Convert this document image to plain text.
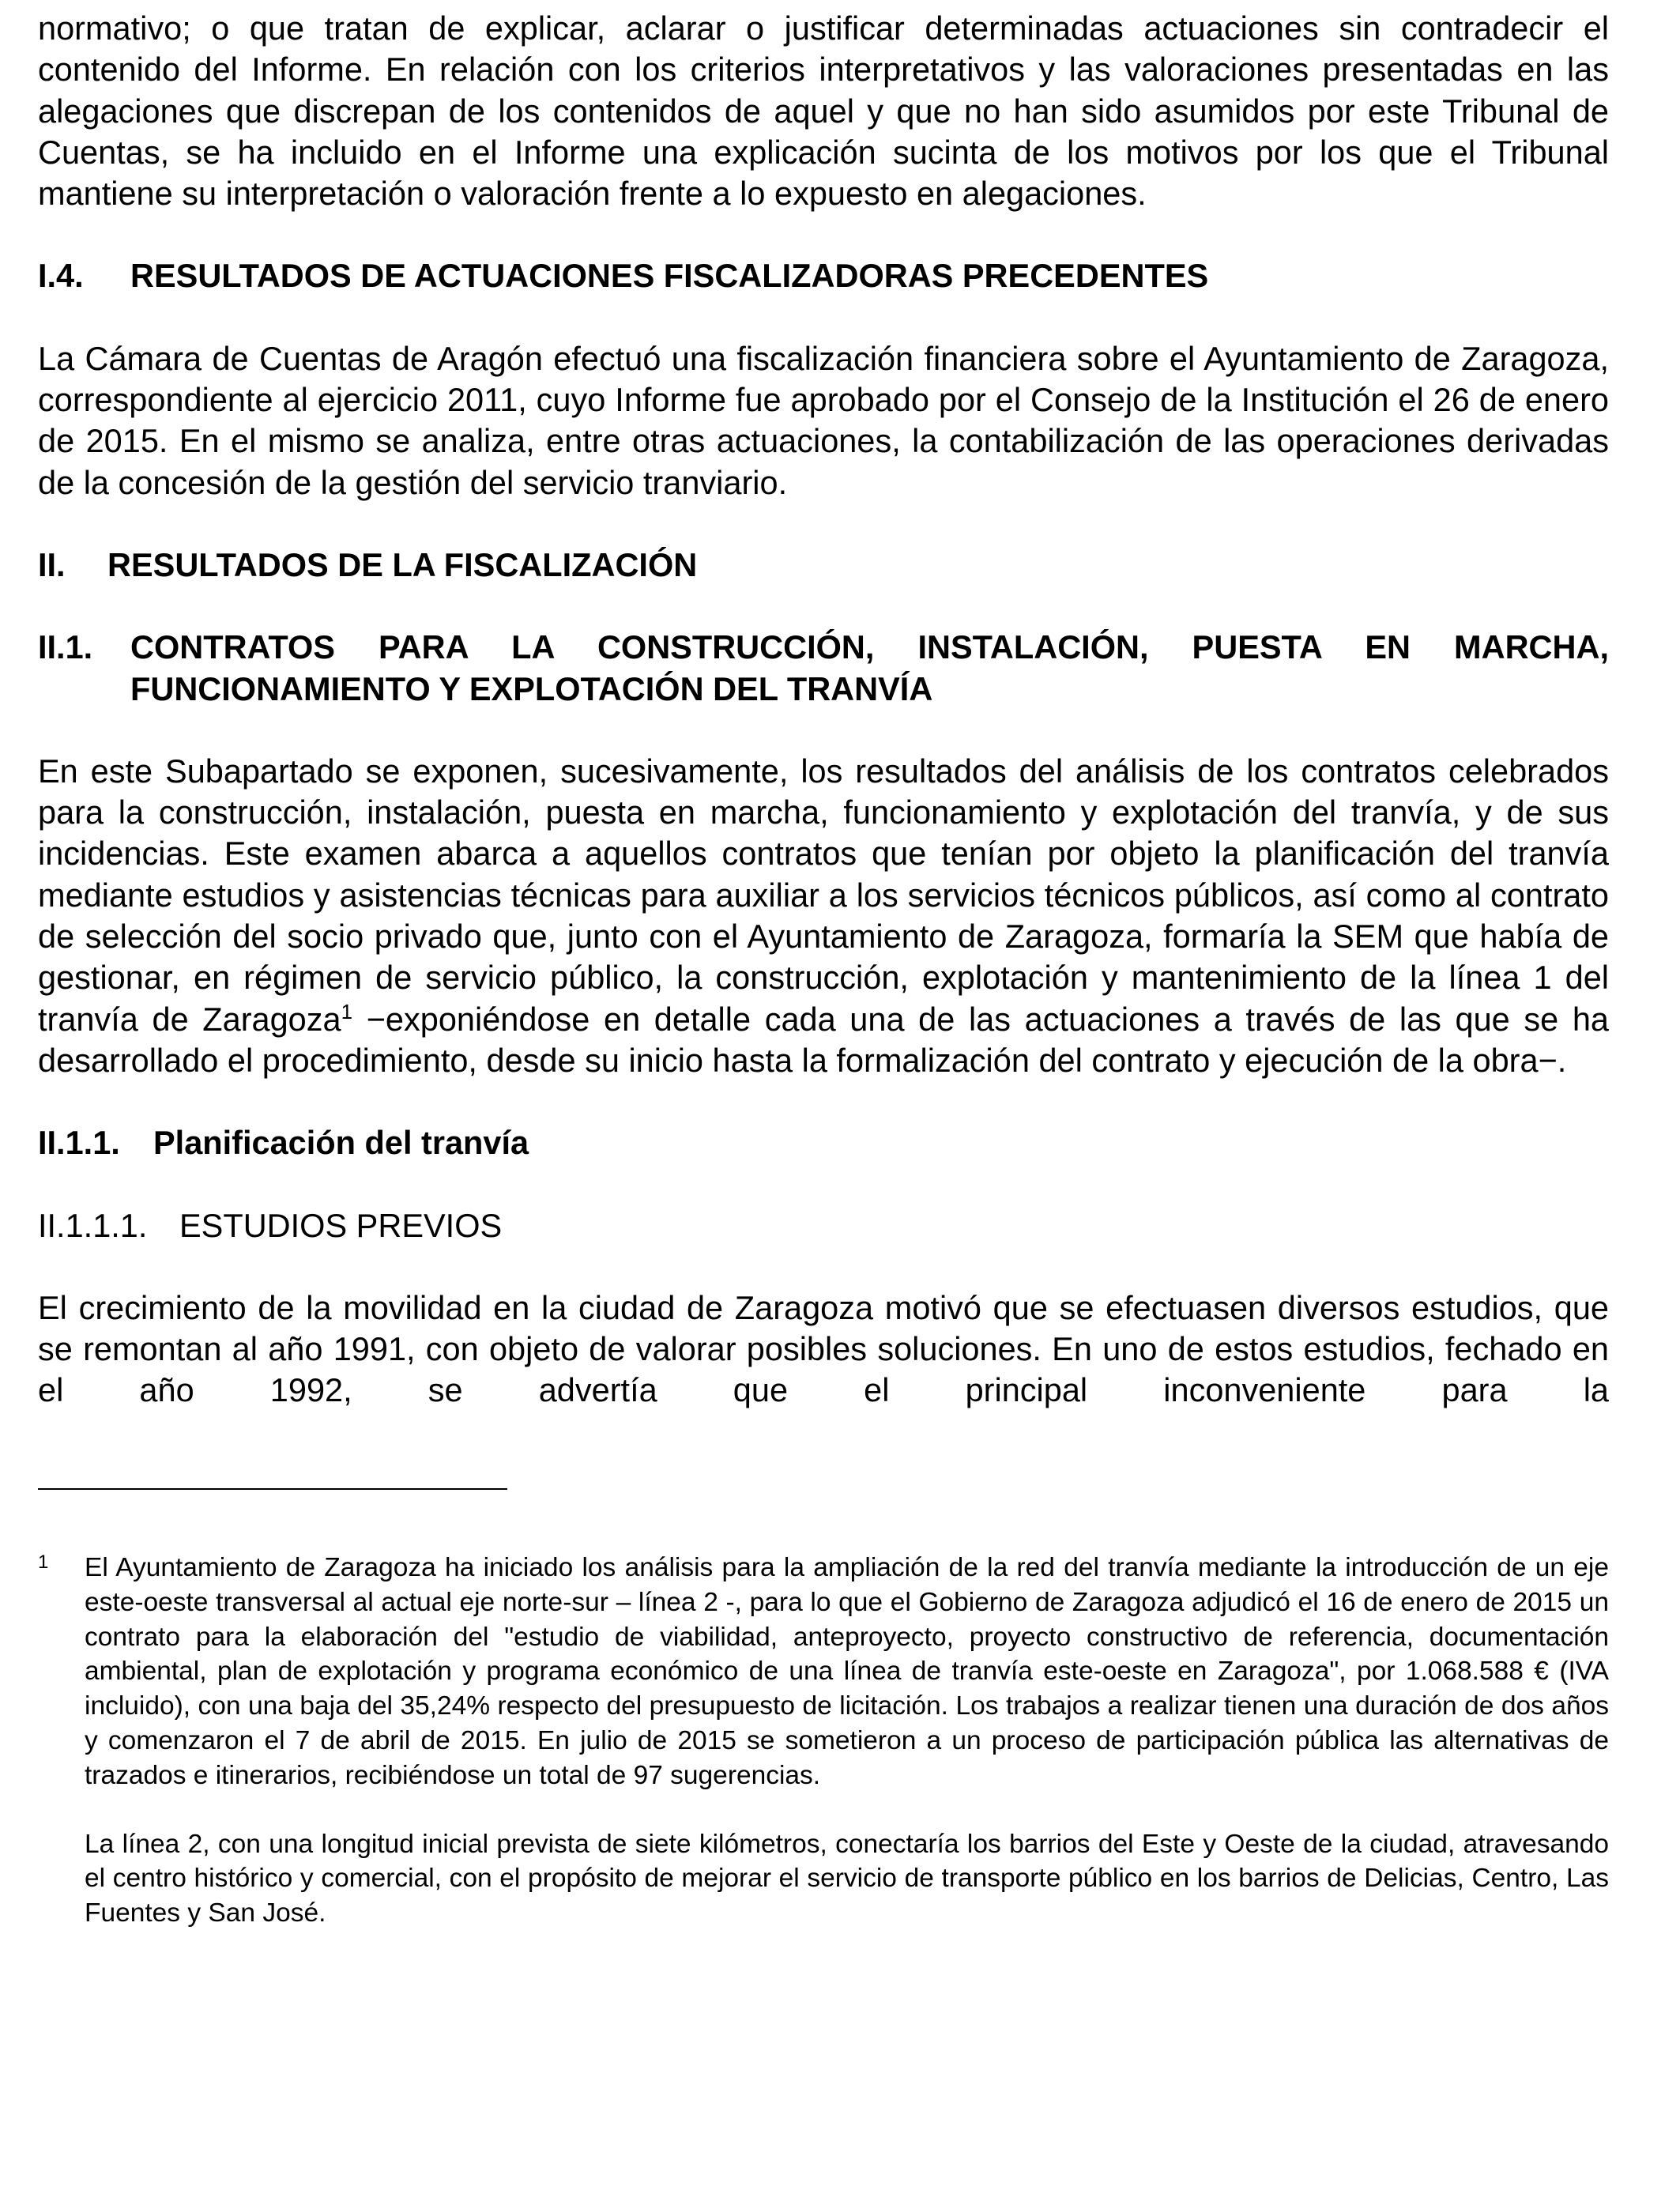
normativo; o que tratan de explicar, aclarar o justificar determinadas actuaciones sin contradecir el contenido del Informe. En relación con los criterios interpretativos y las valoraciones presentadas en las alegaciones que discrepan de los contenidos de aquel y que no han sido asumidos por este Tribunal de Cuentas, se ha incluido en el Informe una explicación sucinta de los motivos por los que el Tribunal mantiene su interpretación o valoración frente a lo expuesto en alegaciones.

I.4.	RESULTADOS DE ACTUACIONES FISCALIZADORAS PRECEDENTES

La Cámara de Cuentas de Aragón efectuó una fiscalización financiera sobre el Ayuntamiento de Zaragoza, correspondiente al ejercicio 2011, cuyo Informe fue aprobado por el Consejo de la Institución el 26 de enero de 2015. En el mismo se analiza, entre otras actuaciones, la contabilización de las operaciones derivadas de la concesión de la gestión del servicio tranviario.

II.	RESULTADOS DE LA FISCALIZACIÓN
II.1.	CONTRATOS PARA LA CONSTRUCCIÓN, INSTALACIÓN, PUESTA EN MARCHA, FUNCIONAMIENTO Y EXPLOTACIÓN DEL TRANVÍA

En este Subapartado se exponen, sucesivamente, los resultados del análisis de los contratos celebrados para la construcción, instalación, puesta en marcha, funcionamiento y explotación del tranvía, y de sus incidencias. Este examen abarca a aquellos contratos que tenían por objeto la planificación del tranvía mediante estudios y asistencias técnicas para auxiliar a los servicios técnicos públicos, así como al contrato de selección del socio privado que, junto con el Ayuntamiento de Zaragoza, formaría la SEM que había de gestionar, en régimen de servicio público, la construcción, explotación y mantenimiento de la línea 1 del tranvía de Zaragoza$^1$ −exponiéndose en detalle cada una de las actuaciones a través de las que se ha desarrollado el procedimiento, desde su inicio hasta la formalización del contrato y ejecución de la obra−.

II.1.1.	Planificación del tranvía
II.1.1.1. ESTUDIOS PREVIOS

El crecimiento de la movilidad en la ciudad de Zaragoza motivó que se efectuasen diversos estudios, que se remontan al año 1991, con objeto de valorar posibles soluciones. En uno de estos estudios, fechado en el año 1992, se advertía que el principal inconveniente para la

1	El Ayuntamiento de Zaragoza ha iniciado los análisis para la ampliación de la red del tranvía mediante la introducción de un eje este-oeste transversal al actual eje norte-sur – línea 2 -, para lo que el Gobierno de Zaragoza adjudicó el 16 de enero de 2015 un contrato para la elaboración del "estudio de viabilidad, anteproyecto, proyecto constructivo de referencia, documentación ambiental, plan de explotación y programa económico de una línea de tranvía este-oeste en Zaragoza", por 1.068.588 € (IVA incluido), con una baja del 35,24% respecto del presupuesto de licitación. Los trabajos a realizar tienen una duración de dos años y comenzaron el 7 de abril de 2015. En julio de 2015 se sometieron a un proceso de participación pública las alternativas de trazados e itinerarios, recibiéndose un total de 97 sugerencias.

La línea 2, con una longitud inicial prevista de siete kilómetros, conectaría los barrios del Este y Oeste de la ciudad, atravesando el centro histórico y comercial, con el propósito de mejorar el servicio de transporte público en los barrios de Delicias, Centro, Las Fuentes y San José.
